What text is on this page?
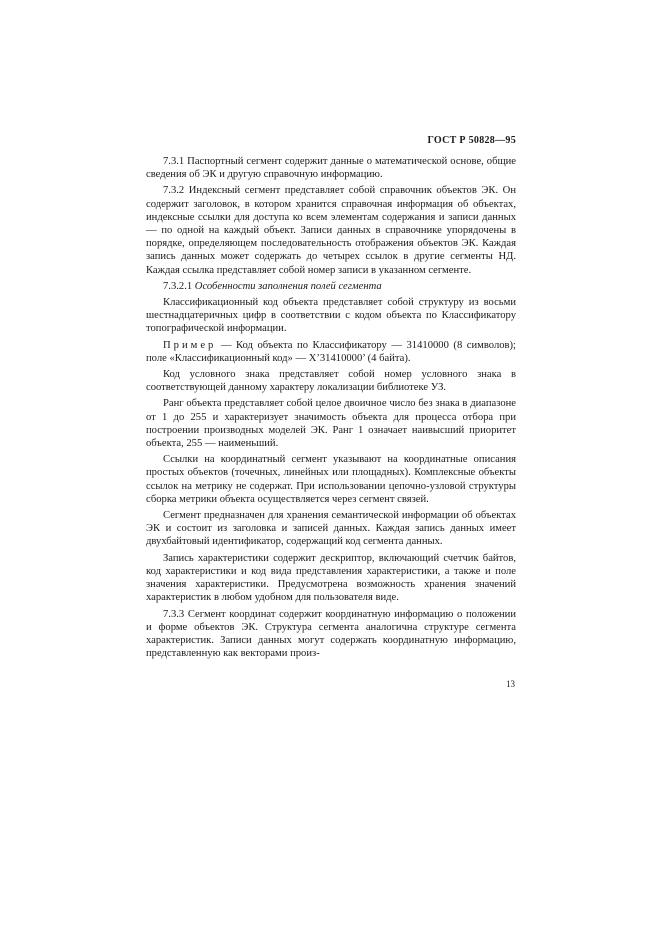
ГОСТ Р 50828—95

7.3.1 Паспортный сегмент содержит данные о математической основе, общие сведения об ЭК и другую справочную информацию.

7.3.2 Индексный сегмент представляет собой справочник объектов ЭК. Он содержит заголовок, в котором хранится справочная информация об объектах, индексные ссылки для доступа ко всем элементам содержания и записи данных — по одной на каждый объект. Записи данных в справочнике упорядочены в порядке, определяющем последовательность отображения объектов ЭК. Каждая запись данных может содержать до четырех ссылок в другие сегменты НД. Каждая ссылка представляет собой номер записи в указанном сегменте.

7.3.2.1 Особенности заполнения полей сегмента

Классификационный код объекта представляет собой структуру из восьми шестнадцатеричных цифр в соответствии с кодом объекта по Классификатору топографической информации.

Пример — Код объекта по Классификатору — 31410000 (8 символов); поле «Классификационный код» — X’31410000’ (4 байта).

Код условного знака представляет собой номер условного знака в соответствующей данному характеру локализации библиотеке УЗ.

Ранг объекта представляет собой целое двоичное число без знака в диапазоне от 1 до 255 и характеризует значимость объекта для процесса отбора при построении производных моделей ЭК. Ранг 1 означает наивысший приоритет объекта, 255 — наименьший.

Ссылки на координатный сегмент указывают на координатные описания простых объектов (точечных, линейных или площадных). Комплексные объекты ссылок на метрику не содержат. При использовании цепочно-узловой структуры сборка метрики объекта осуществляется через сегмент связей.

Сегмент предназначен для хранения семантической информации об объектах ЭК и состоит из заголовка и записей данных. Каждая запись данных имеет двухбайтовый идентификатор, содержащий код сегмента данных.

Запись характеристики содержит дескриптор, включающий счетчик байтов, код характеристики и код вида представления характеристики, а также и поле значения характеристики. Предусмотрена возможность хранения значений характеристик в любом удобном для пользователя виде.

7.3.3 Сегмент координат содержит координатную информацию о положении и форме объектов ЭК. Структура сегмента аналогична структуре сегмента характеристик. Записи данных могут содержать координатную информацию, представленную как векторами произ-

13
